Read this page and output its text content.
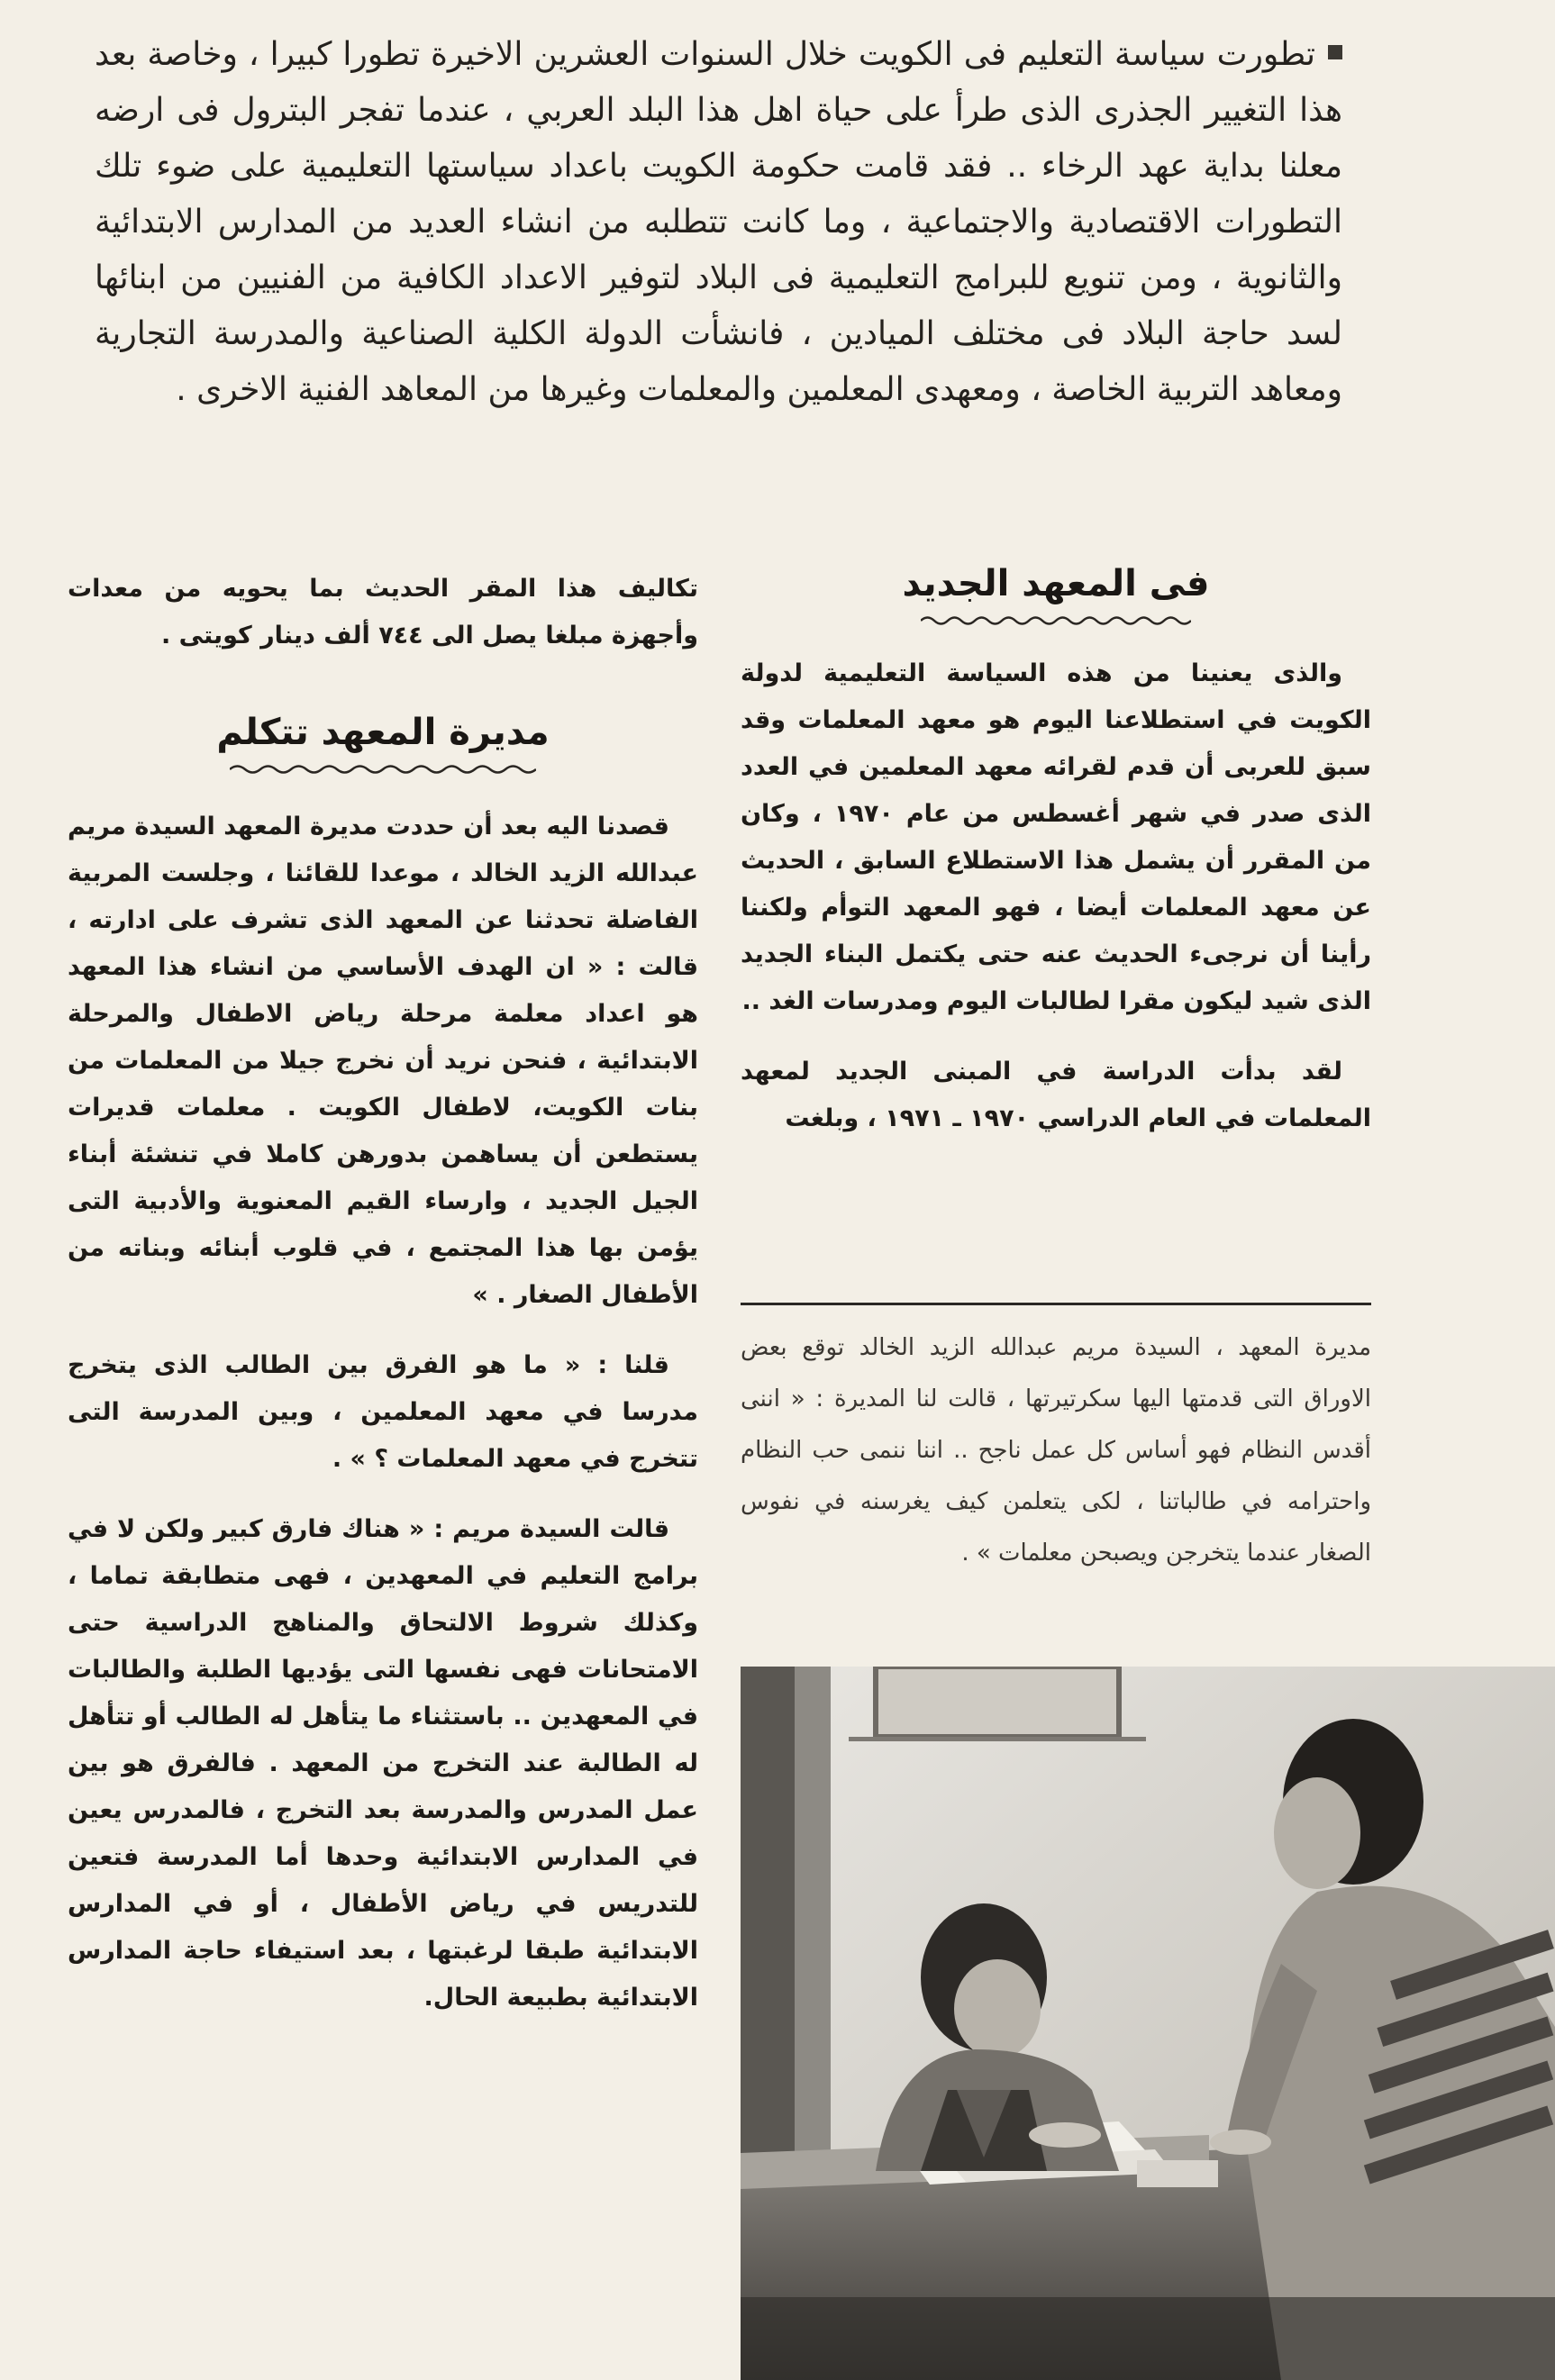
تطورت سياسة التعليم فى الكويت خلال السنوات العشرين الاخيرة تطورا كبيرا ، وخاصة بعد هذا التغيير الجذرى الذى طرأ على حياة اهل هذا البلد العربي ، عندما تفجر البترول فى ارضه معلنا بداية عهد الرخاء .. فقد قامت حكومة الكويت باعداد سياستها التعليمية على ضوء تلك التطورات الاقتصادية والاجتماعية ، وما كانت تتطلبه من انشاء العديد من المدارس الابتدائية والثانوية ، ومن تنويع للبرامج التعليمية فى البلاد لتوفير الاعداد الكافية من الفنيين من ابنائها لسد حاجة البلاد فى مختلف الميادين ، فانشأت الدولة الكلية الصناعية والمدرسة التجارية ومعاهد التربية الخاصة ، ومعهدى المعلمين والمعلمات وغيرها من المعاهد الفنية الاخرى .
فى المعهد الجديد

والذى يعنينا من هذه السياسة التعليمية لدولة الكويت في استطلاعنا اليوم هو معهد المعلمات وقد سبق للعربى أن قدم لقرائه معهد المعلمين في العدد الذى صدر في شهر أغسطس من عام ١٩٧٠ ، وكان من المقرر أن يشمل هذا الاستطلاع السابق ، الحديث عن معهد المعلمات أيضا ، فهو المعهد التوأم ولكننا رأينا أن نرجىء الحديث عنه حتى يكتمل البناء الجديد الذى شيد ليكون مقرا لطالبات اليوم ومدرسات الغد ..

لقد بدأت الدراسة في المبنى الجديد لمعهد المعلمات في العام الدراسي ١٩٧٠ ـ ١٩٧١ ، وبلغت

مديرة المعهد ، السيدة مريم عبدالله الزيد الخالد توقع بعض الاوراق التى قدمتها اليها سكرتيرتها ، قالت لنا المديرة : « اننى أقدس النظام فهو أساس كل عمل ناجح .. اننا ننمى حب النظام واحترامه في طالباتنا ، لكى يتعلمن كيف يغرسنه في نفوس الصغار عندما يتخرجن ويصبحن معلمات » .

تكاليف هذا المقر الحديث بما يحويه من معدات وأجهزة مبلغا يصل الى ٧٤٤ ألف دينار كويتى .

مديرة المعهد تتكلم

قصدنا اليه بعد أن حددت مديرة المعهد السيدة مريم عبدالله الزيد الخالد ، موعدا للقائنا ، وجلست المربية الفاضلة تحدثنا عن المعهد الذى تشرف على ادارته ، قالت : « ان الهدف الأساسي من انشاء هذا المعهد هو اعداد معلمة مرحلة رياض الاطفال والمرحلة الابتدائية ، فنحن نريد أن نخرج جيلا من المعلمات من بنات الكويت، لاطفال الكويت . معلمات قديرات يستطعن أن يساهمن بدورهن كاملا في تنشئة أبناء الجيل الجديد ، وارساء القيم المعنوية والأدبية التى يؤمن بها هذا المجتمع ، في قلوب أبنائه وبناته من الأطفال الصغار . »

قلنا : « ما هو الفرق بين الطالب الذى يتخرج مدرسا في معهد المعلمين ، وبين المدرسة التى تتخرج في معهد المعلمات ؟ » .

قالت السيدة مريم : « هناك فارق كبير ولكن لا في برامج التعليم في المعهدين ، فهى متطابقة تماما ، وكذلك شروط الالتحاق والمناهج الدراسية حتى الامتحانات فهى نفسها التى يؤديها الطلبة والطالبات في المعهدين .. باستثناء ما يتأهل له الطالب أو تتأهل له الطالبة عند التخرج من المعهد . فالفرق هو بين عمل المدرس والمدرسة بعد التخرج ، فالمدرس يعين في المدارس الابتدائية وحدها أما المدرسة فتعين للتدريس في رياض الأطفال ، أو في المدارس الابتدائية طبقا لرغبتها ، بعد استيفاء حاجة المدارس الابتدائية بطبيعة الحال.
